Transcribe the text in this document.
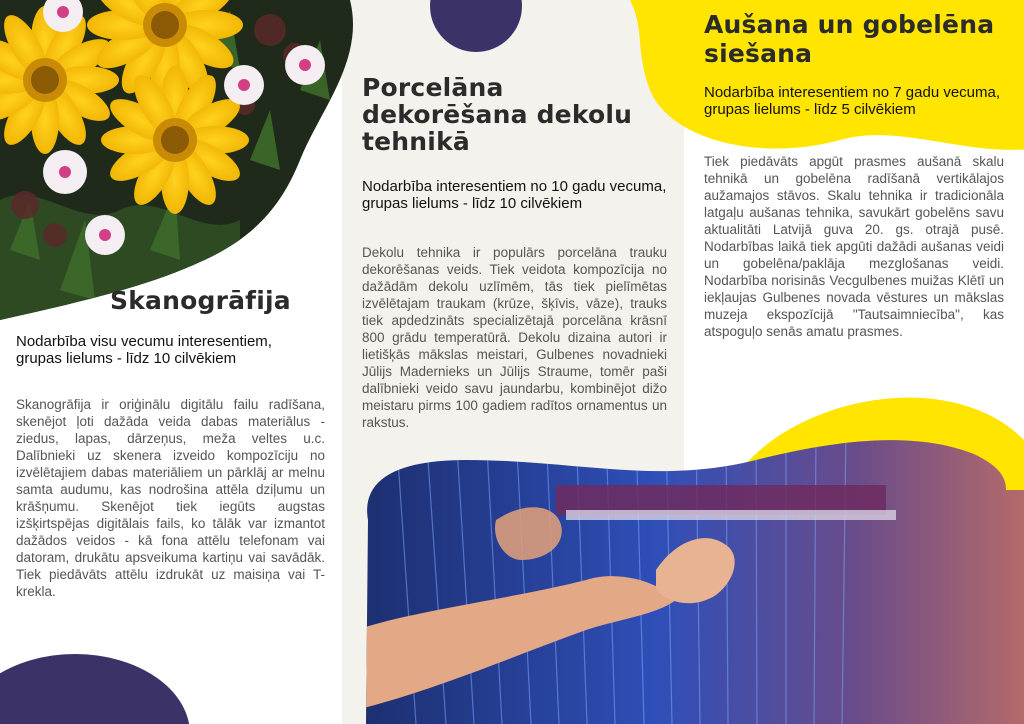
Skanogrāfija
Nodarbība visu vecumu interesentiem, grupas lielums - līdz 10 cilvēkiem
Skanogrāfija ir oriģinālu digitālu failu radīšana, skenējot ļoti dažāda veida dabas materiālus - ziedus, lapas, dārzeņus, meža veltes u.c. Dalībnieki uz skenera izveido kompozīciju no izvēlētajiem dabas materiāliem un pārklāj ar melnu samta audumu, kas nodrošina attēla dziļumu un krāšņumu. Skenējot tiek iegūts augstas izšķirtspējas digitālais fails, ko tālāk var izmantot dažādos veidos - kā fona attēlu telefonam vai datoram, drukātu apsveikuma kartiņu vai savādāk. Tiek piedāvāts attēlu izdrukāt uz maisiņa vai T-krekla.
Porcelāna dekorēšana dekolu tehnikā
Nodarbība interesentiem no 10 gadu vecuma, grupas lielums - līdz 10 cilvēkiem
Dekolu tehnika ir populārs porcelāna trauku dekorēšanas veids. Tiek veidota kompozīcija no dažādām dekolu uzlīmēm, tās tiek pielīmētas izvēlētajam traukam (krūze, šķīvis, vāze), trauks tiek apdedzināts specializētajā porcelāna krāsnī 800 grādu temperatūrā. Dekolu dizaina autori ir lietišķās mākslas meistari, Gulbenes novadnieki Jūlijs Madernieks un Jūlijs Straume, tomēr paši dalībnieki veido savu jaundarbu, kombinējot dižo meistaru pirms 100 gadiem radītos ornamentus un rakstus.
Aušana un gobelēna siešana
Nodarbība interesentiem no 7 gadu vecuma, grupas lielums - līdz 5 cilvēkiem
Tiek piedāvāts apgūt prasmes aušanā skalu tehnikā un gobelēna radīšanā vertikālajos aužamajos stāvos. Skalu tehnika ir tradicionāla latgaļu aušanas tehnika, savukārt gobelēns savu aktualitāti Latvijā guva 20. gs. otrajā pusē. Nodarbības laikā tiek apgūti dažādi aušanas veidi un gobelēna/paklāja mezglošanas veidi. Nodarbība norisinās Vecgulbenes muižas Klētī un iekļaujas Gulbenes novada vēstures un mākslas muzeja ekspozīcijā "Tautsaimniecība", kas atspoguļo senās amatu prasmes.
